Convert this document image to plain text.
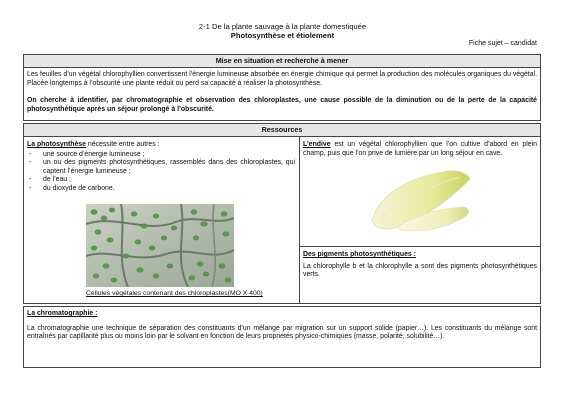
2-1 De la plante sauvage à la plante domestiquée
Photosynthèse et étiolement
Fiche sujet – candidat
Mise en situation et recherche à mener
Les feuilles d’un végétal chlorophyllien convertissent l’énergie lumineuse absorbée en énergie chimique qui permet la production des molécules organiques du végétal. Placée longtemps à l’obscurité une plante réduit ou perd sa capacité à réaliser la photosynthèse.
On cherche à identifier, par chromatographie et observation des chloroplastes, une cause possible de la diminution ou de la perte de la capacité photosynthétique après un séjour prolongé à l’obscurité.
Ressources
La photosynthèse nécessite entre autres :
- une source d’énergie lumineuse ;
- un ou des pigments photosynthétiques, rassemblés dans des chloroplastes, qui captent l’énergie lumineuse ;
- de l’eau ;
- du dioxyde de carbone.
Cellules végétales contenant des chloroplastes(MO X 400)
L’endive est un végétal chlorophyllien que l’on cultive d’abord en plein champ, puis que l’on prive de lumière par un long séjour en cave.
Des pigments photosynthétiques :
La chlorophylle b et la chlorophylle a sont des pigments photosynthétiques verts.
La chromatographie :
La chromatographie une technique de séparation des constituants d’un mélange par migration sur un support solide (papier…). Les constituants du mélange sont entraînés par capillarité plus ou moins loin par le solvant en fonction de leurs propriétés physico-chimiques (masse, polarité, solubilité…).
